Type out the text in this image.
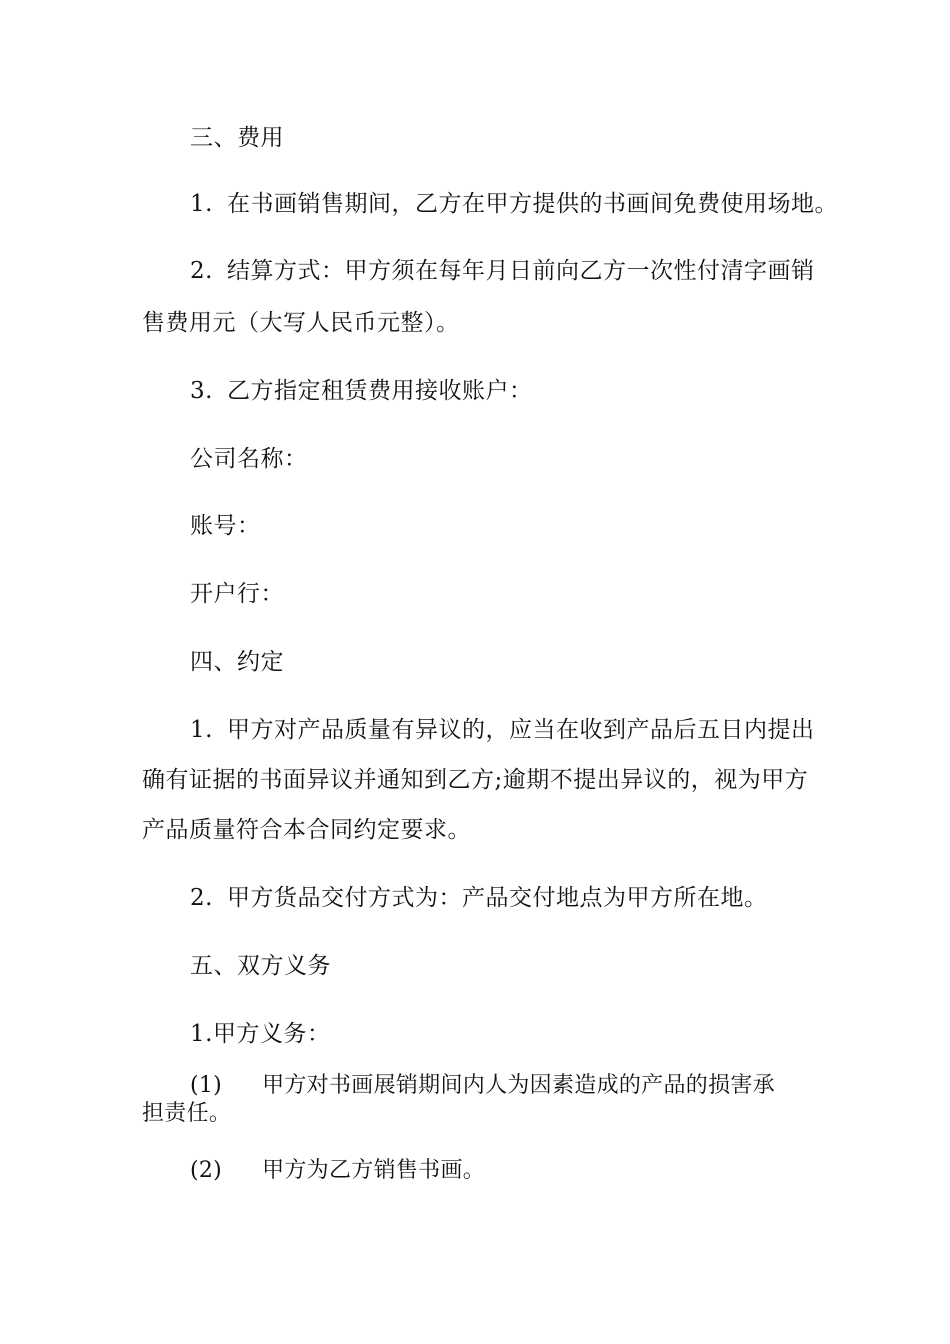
三、费用

1. 在书画销售期间，乙方在甲方提供的书画间免费使用场地。

2. 结算方式：甲方须在每年月日前向乙方一次性付清字画销

售费用元（大写人民币元整）。

3. 乙方指定租赁费用接收账户：

公司名称：

账号：

开户行：

四、约定

1. 甲方对产品质量有异议的，应当在收到产品后五日内提出

确有证据的书面异议并通知到乙方;逾期不提出异议的，视为甲方

产品质量符合本合同约定要求。

2. 甲方货品交付方式为：产品交付地点为甲方所在地。

五、双方义务

1.甲方义务：

(1) 甲方对书画展销期间内人为因素造成的产品的损害承

担责任。

(2) 甲方为乙方销售书画。
